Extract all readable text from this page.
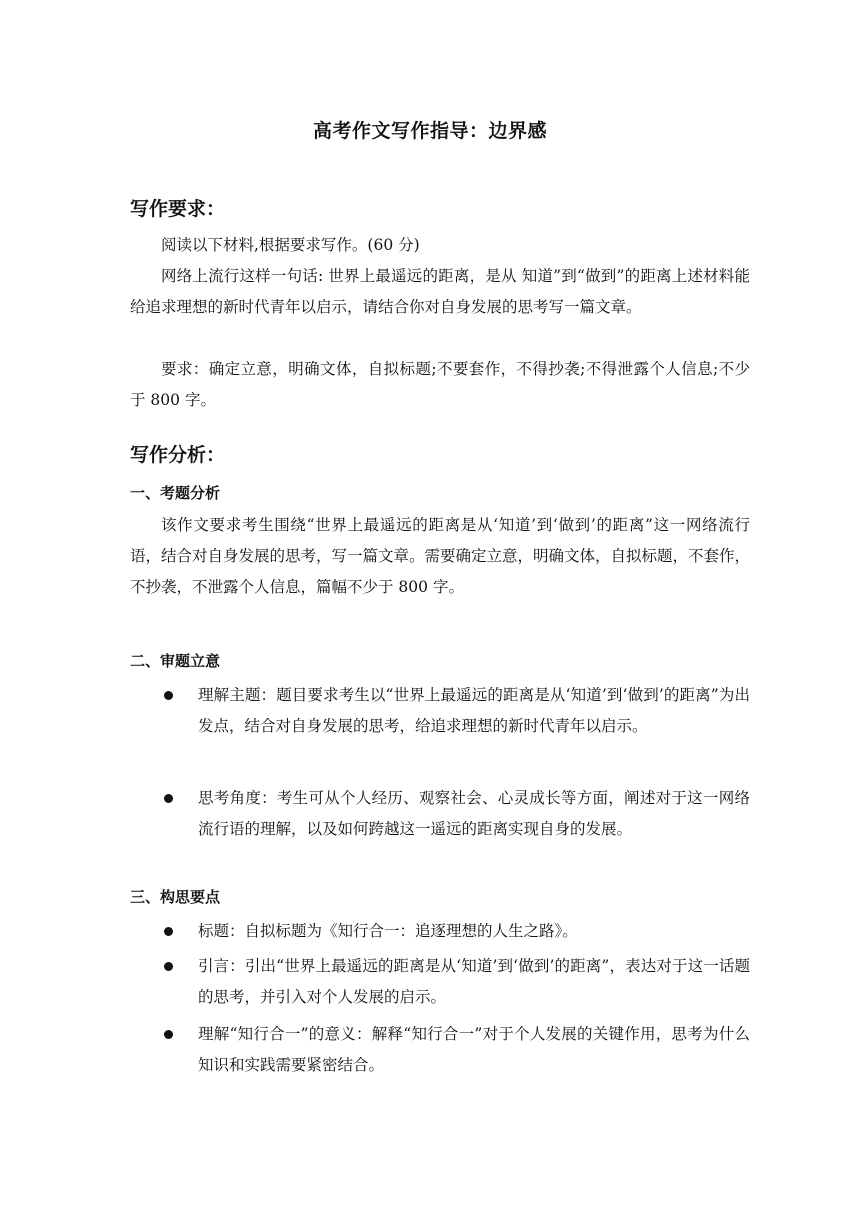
高考作文写作指导：边界感
写作要求：
阅读以下材料,根据要求写作。(60 分)
网络上流行这样一句话: 世界上最遥远的距离，是从 知道”到“做到”的距离上述材料能给追求理想的新时代青年以启示，请结合你对自身发展的思考写一篇文章。
要求：确定立意，明确文体，自拟标题;不要套作，不得抄袭;不得泄露个人信息;不少于 800 字。
写作分析：
一、考题分析
该作文要求考生围绕“世界上最遥远的距离是从‘知道’到‘做到’的距离”这一网络流行语，结合对自身发展的思考，写一篇文章。需要确定立意，明确文体，自拟标题，不套作，不抄袭，不泄露个人信息，篇幅不少于 800 字。
二、审题立意
理解主题：题目要求考生以“世界上最遥远的距离是从‘知道’到‘做到’的距离”为出发点，结合对自身发展的思考，给追求理想的新时代青年以启示。
思考角度：考生可从个人经历、观察社会、心灵成长等方面，阐述对于这一网络流行语的理解，以及如何跨越这一遥远的距离实现自身的发展。
三、构思要点
标题：自拟标题为《知行合一：追逐理想的人生之路》。
引言：引出“世界上最遥远的距离是从‘知道’到‘做到’的距离”，表达对于这一话题的思考，并引入对个人发展的启示。
理解“知行合一”的意义：解释“知行合一”对于个人发展的关键作用，思考为什么知识和实践需要紧密结合。
